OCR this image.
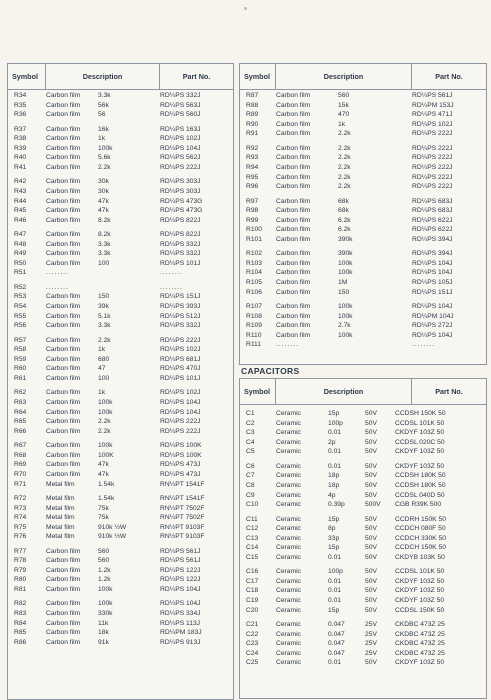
Symbol	Description	Part No.
R34	Carbon film	3.3k	RD¼PS 332J
R35	Carbon film	56k	RD¼PS 563J
R36	Carbon film	56	RD¼PS 560J
R37	Carbon film	16k	RD¼PS 163J
R38	Carbon film	1k	RD¼PS 102J
R39	Carbon film	100k	RD¼PS 104J
R40	Carbon film	5.6k	RD¼PS 562J
R41	Carbon film	2.2k	RD¼PS 222J
R42	Carbon film	30k	RD¼PS 303J
R43	Carbon film	30k	RD¼PS 303J
R44	Carbon film	47k	RD¼PS 473G
R45	Carbon film	47k	RD¼PS 473G
R46	Carbon film	8.2k	RD¼PS 822J
R47	Carbon film	8.2k	RD¼PS 822J
R48	Carbon film	3.3k	RD¼PS 332J
R49	Carbon film	3.3k	RD¼PS 332J
R50	Carbon film	100	RD¼PS 101J
R51	........	........
R52	........	........
R53	Carbon film	150	RD¼PS 151J
R54	Carbon film	39k	RD¼PS 393J
R55	Carbon film	5.1k	RD¼PS 512J
R56	Carbon film	3.3k	RD¼PS 332J
R57	Carbon film	2.2k	RD¼PS 222J
R58	Carbon film	1k	RD¼PS 102J
R59	Carbon film	680	RD¼PS 681J
R60	Carbon film	47	RD¼PS 470J
R61	Carbon film	100	RD¼PS 101J
R62	Carbon film	1k	RD¼PS 102J
R63	Carbon film	100k	RD¼PS 104J
R64	Carbon film	100k	RD¼PS 104J
R65	Carbon film	2.2k	RD¼PS 222J
R66	Carbon film	2.2k	RD¼PS 222J
R67	Carbon film	100k	RD¼PS 100K
R68	Carbon film	100K	RD¼PS 100K
R69	Carbon film	47k	RD¼PS 473J
R70	Carbon film	47k	RD¼PS 473J
R71	Metal film	1.54k	RN¼PT 1541F
R72	Metal film	1.54k	RN¼PT 1541F
R73	Metal film	75k	RN¼PT 7502F
R74	Metal film	75k	RN¼PT 7502F
R75	Metal film	910k ½W	RN½PT 9103F
R76	Metal film	910k ½W	RN½PT 9103F
R77	Carbon film	560	RD¼PS 561J
R78	Carbon film	560	RD¼PS 561J
R79	Carbon film	1.2k	RD¼PS 122J
R80	Carbon film	1.2k	RD¼PS 122J
R81	Carbon film	100k	RD¼PS 104J
R82	Carbon film	100k	RD¼PS 104J
R83	Carbon film	330k	RD¼PS 334J
R84	Carbon film	11k	RD¼PS 113J
R85	Carbon film	18k	RD¼PM 183J
R86	Carbon film	91k	RD¼PS 913J
Symbol	Description	Part No.
R87	Carbon film	560	RD¼PS 561J
R88	Carbon film	15k	RD¼PM 153J
R89	Carbon film	470	RD¼PS 471J
R90	Carbon film	1k	RD¼PS 102J
R91	Carbon film	2.2k	RD¼PS 222J
R92	Carbon film	2.2k	RD¼PS 222J
R93	Carbon film	2.2k	RD¼PS 222J
R94	Carbon film	2.2k	RD¼PS 222J
R95	Carbon film	2.2k	RD¼PS 222J
R96	Carbon film	2.2k	RD¼PS 222J
R97	Carbon film	68k	RD¼PS 683J
R98	Carbon film	68k	RD¼PS 683J
R99	Carbon film	6.2k	RD¼PS 622J
R100	Carbon film	6.2k	RD¼PS 622J
R101	Carbon film	390k	RD¼PS 394J
R102	Carbon film	390k	RD¼PS 394J
R103	Carbon film	100k	RD¼PS 104J
R104	Carbon film	100k	RD¼PS 104J
R105	Carbon film	1M	RD¼PS 105J
R106	Carbon film	150	RD¼PS 151J
R107	Carbon film	100k	RD¼PS 104J
R108	Carbon film	100k	RD¼PM 104J
R109	Carbon film	2.7k	RD¼PS 272J
R110	Carbon film	100k	RD¼PS 104J
R111	........	........
CAPACITORS
Symbol	Description	Part No.
C1	Ceramic	15p	50V	CCDSH 150K 50
C2	Ceramic	100p	50V	CCDSL 101K 50
C3	Ceramic	0.01	50V	CKDYF 103Z 50
C4	Ceramic	2p	50V	CCDSL 020C 50
C5	Ceramic	0.01	50V	CKDYF 103Z 50
C6	Ceramic	0.01	50V	CKDYF 103Z 50
C7	Ceramic	18p	50V	CCDSH 180K 50
C8	Ceramic	18p	50V	CCDSH 180K 50
C9	Ceramic	4p	50V	CCDSL 040D 50
C10	Ceramic	0.39p	500V	CGB R39K 500
C11	Ceramic	15p	50V	CCDRH 150K 50
C12	Ceramic	8p	50V	CCDCH 080F 50
C13	Ceramic	33p	50V	CCDCH 330K 50
C14	Ceramic	15p	50V	CCDCH 150K 50
C15	Ceramic	0.01	50V	CKDYB 103K 50
C16	Ceramic	100p	50V	CCDSL 101K 50
C17	Ceramic	0.01	50V	CKDYF 103Z 50
C18	Ceramic	0.01	50V	CKDYF 103Z 50
C19	Ceramic	0.01	50V	CKDYF 103Z 50
C20	Ceramic	15p	50V	CCDSL 150K 50
C21	Ceramic	0.047	25V	CKDBC 473Z 25
C22	Ceramic	0.047	25V	CKDBC 473Z 25
C23	Ceramic	0.047	25V	CKDBC 473Z 25
C24	Ceramic	0.047	25V	CKDBC 473Z 25
C25	Ceramic	0.01	50V	CKDYF 103Z 50
